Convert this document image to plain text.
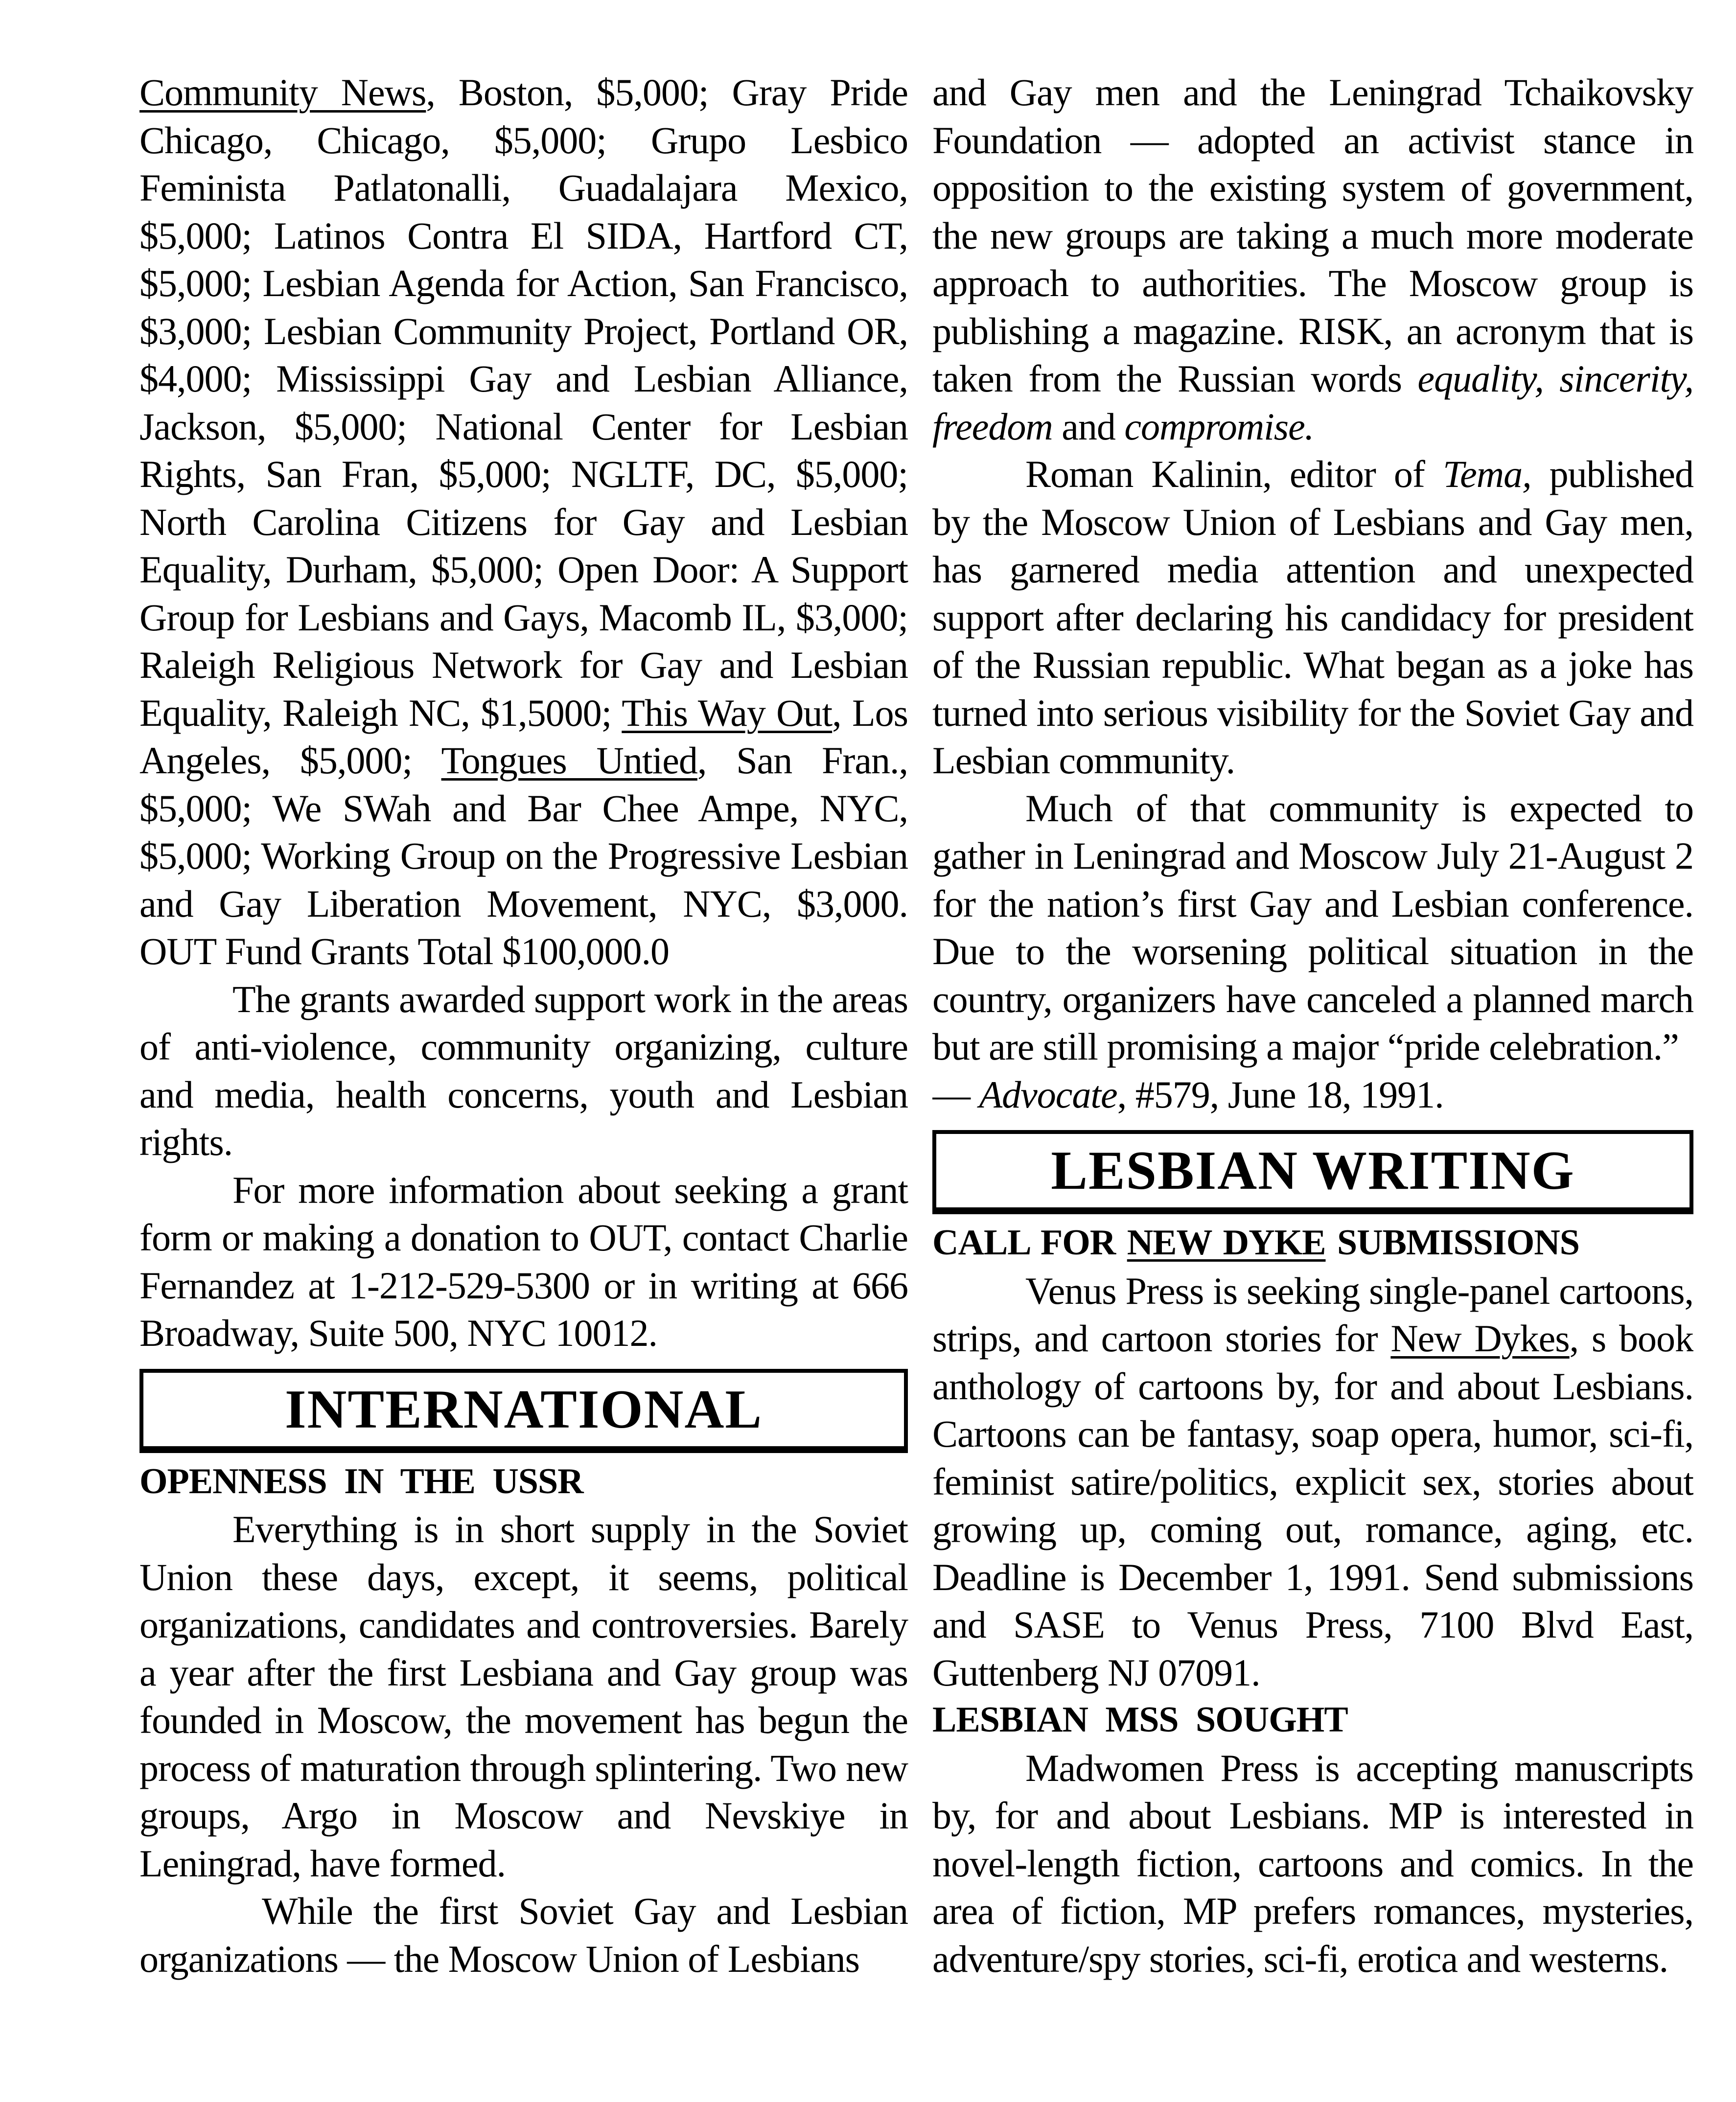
Community News, Boston, $5,000; Gray Pride Chicago, Chicago, $5,000; Grupo Lesbico Feminista Patlatonalli, Guadalajara Mexico, $5,000; Latinos Contra El SIDA, Hartford CT, $5,000; Lesbian Agenda for Action, San Francisco, $3,000; Lesbian Community Project, Portland OR, $4,000; Mississippi Gay and Lesbian Alliance, Jackson, $5,000; National Center for Lesbian Rights, San Fran, $5,000; NGLTF, DC, $5,000; North Carolina Citizens for Gay and Lesbian Equality, Durham, $5,000; Open Door: A Support Group for Lesbians and Gays, Macomb IL, $3,000; Raleigh Religious Network for Gay and Lesbian Equality, Raleigh NC, $1,5000; This Way Out, Los Angeles, $5,000; Tongues Untied, San Fran., $5,000; We SWah and Bar Chee Ampe, NYC, $5,000; Working Group on the Progressive Lesbian and Gay Liberation Movement, NYC, $3,000. OUT Fund Grants Total $100,000.0

The grants awarded support work in the areas of anti-violence, community organizing, culture and media, health concerns, youth and Lesbian rights.

For more information about seeking a grant form or making a donation to OUT, contact Charlie Fernandez at 1-212-529-5300 or in writing at 666 Broadway, Suite 500, NYC 10012.

INTERNATIONAL
OPENNESS IN THE USSR

Everything is in short supply in the Soviet Union these days, except, it seems, political organizations, candidates and controversies. Barely a year after the first Lesbiana and Gay group was founded in Moscow, the movement has begun the process of maturation through splintering. Two new groups, Argo in Moscow and Nevskiye in Leningrad, have formed.

While the first Soviet Gay and Lesbian organizations — the Moscow Union of Lesbians

and Gay men and the Leningrad Tchaikovsky Foundation — adopted an activist stance in opposition to the existing system of government, the new groups are taking a much more moderate approach to authorities. The Moscow group is publishing a magazine. RISK, an acronym that is taken from the Russian words equality, sincerity, freedom and compromise.

Roman Kalinin, editor of Tema, published by the Moscow Union of Lesbians and Gay men, has garnered media attention and unexpected support after declaring his candidacy for president of the Russian republic. What began as a joke has turned into serious visibility for the Soviet Gay and Lesbian community.

Much of that community is expected to gather in Leningrad and Moscow July 21-August 2 for the nation’s first Gay and Lesbian conference. Due to the worsening political situation in the country, organizers have canceled a planned march but are still promising a major “pride celebration.”

— Advocate, #579, June 18, 1991.

LESBIAN WRITING
CALL FOR NEW DYKE SUBMISSIONS

Venus Press is seeking single-panel cartoons, strips, and cartoon stories for New Dykes, s book anthology of cartoons by, for and about Lesbians. Cartoons can be fantasy, soap opera, humor, sci-fi, feminist satire/politics, explicit sex, stories about growing up, coming out, romance, aging, etc. Deadline is December 1, 1991. Send submissions and SASE to Venus Press, 7100 Blvd East, Guttenberg NJ 07091.

LESBIAN MSS SOUGHT

Madwomen Press is accepting manuscripts by, for and about Lesbians. MP is interested in novel-length fiction, cartoons and comics. In the area of fiction, MP prefers romances, mysteries, adventure/spy stories, sci-fi, erotica and westerns.
